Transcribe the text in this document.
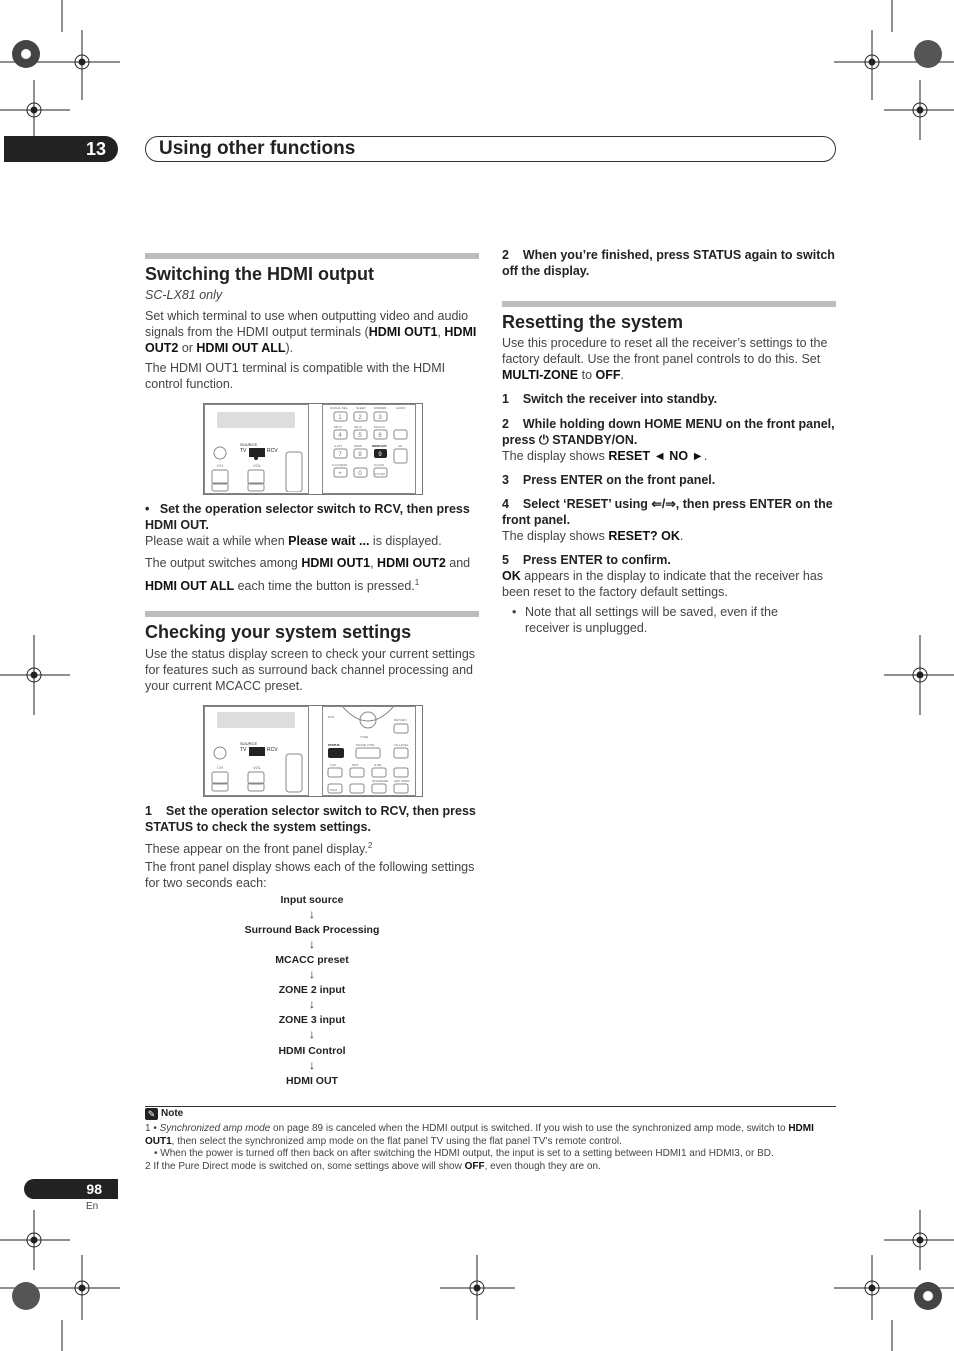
13	Using other functions
Switching the HDMI output
SC-LX81 only
Set which terminal to use when outputting video and audio signals from the HDMI output terminals (HDMI OUT1, HDMI OUT2 or HDMI OUT ALL).
The HDMI OUT1 terminal is compatible with the HDMI control function.
SOURCE
TV	RCV
CH	VOL
1	2	3
4	5	6
7	8	9
+	0	ENTER
SIGNAL SEL	SLEEP	DIMMER	AUDIO
SB ch	SB ch	MCACC
A.ATT	HDMI	HDMI OUT
S.ACCESS	CLASS
CH
• Set the operation selector switch to RCV, then press HDMI OUT.
Please wait a while when Please wait ... is displayed.
The output switches among HDMI OUT1, HDMI OUT2 and HDMI OUT ALL each time the button is pressed.$^1$
Checking your system settings
Use the status display screen to check your current settings for features such as surround back channel processing and your current MCACC preset.
SOURCE
TV	RCV
CH	VOL
RTN
RETURN
TUNE
STATUS	PHASE CTRL	CH LEVEL
THX	MPX	D.MIL
PGM
STANDARD ADV SURR
1 Set the operation selector switch to RCV, then press STATUS to check the system settings.
These appear on the front panel display.$^2$
The front panel display shows each of the following settings for two seconds each:
Input source
↓
Surround Back Processing
↓
MCACC preset
↓
ZONE 2 input
↓
ZONE 3 input
↓
HDMI Control
↓
HDMI OUT
2 When you’re finished, press STATUS again to switch off the display.
Resetting the system
Use this procedure to reset all the receiver’s settings to the factory default. Use the front panel controls to do this. Set MULTI-ZONE to OFF.
1 Switch the receiver into standby.
2 While holding down HOME MENU on the front panel, press ⏻ STANDBY/ON.
The display shows RESET ◄ NO ►.
3 Press ENTER on the front panel.
4 Select ‘RESET’ using ⇐/⇒, then press ENTER on the front panel.
The display shows RESET? OK.
5 Press ENTER to confirm.
OK appears in the display to indicate that the receiver has been reset to the factory default settings.
• Note that all settings will be saved, even if the receiver is unplugged.
✎ Note
1 • Synchronized amp mode on page 89 is canceled when the HDMI output is switched. If you wish to use the synchronized amp mode, switch to HDMI OUT1, then select the synchronized amp mode on the flat panel TV using the flat panel TV’s remote control.
• When the power is turned off then back on after switching the HDMI output, the input is set to a setting between HDMI1 and HDMI3, or BD.
2 If the Pure Direct mode is switched on, some settings above will show OFF, even though they are on.
98
En
